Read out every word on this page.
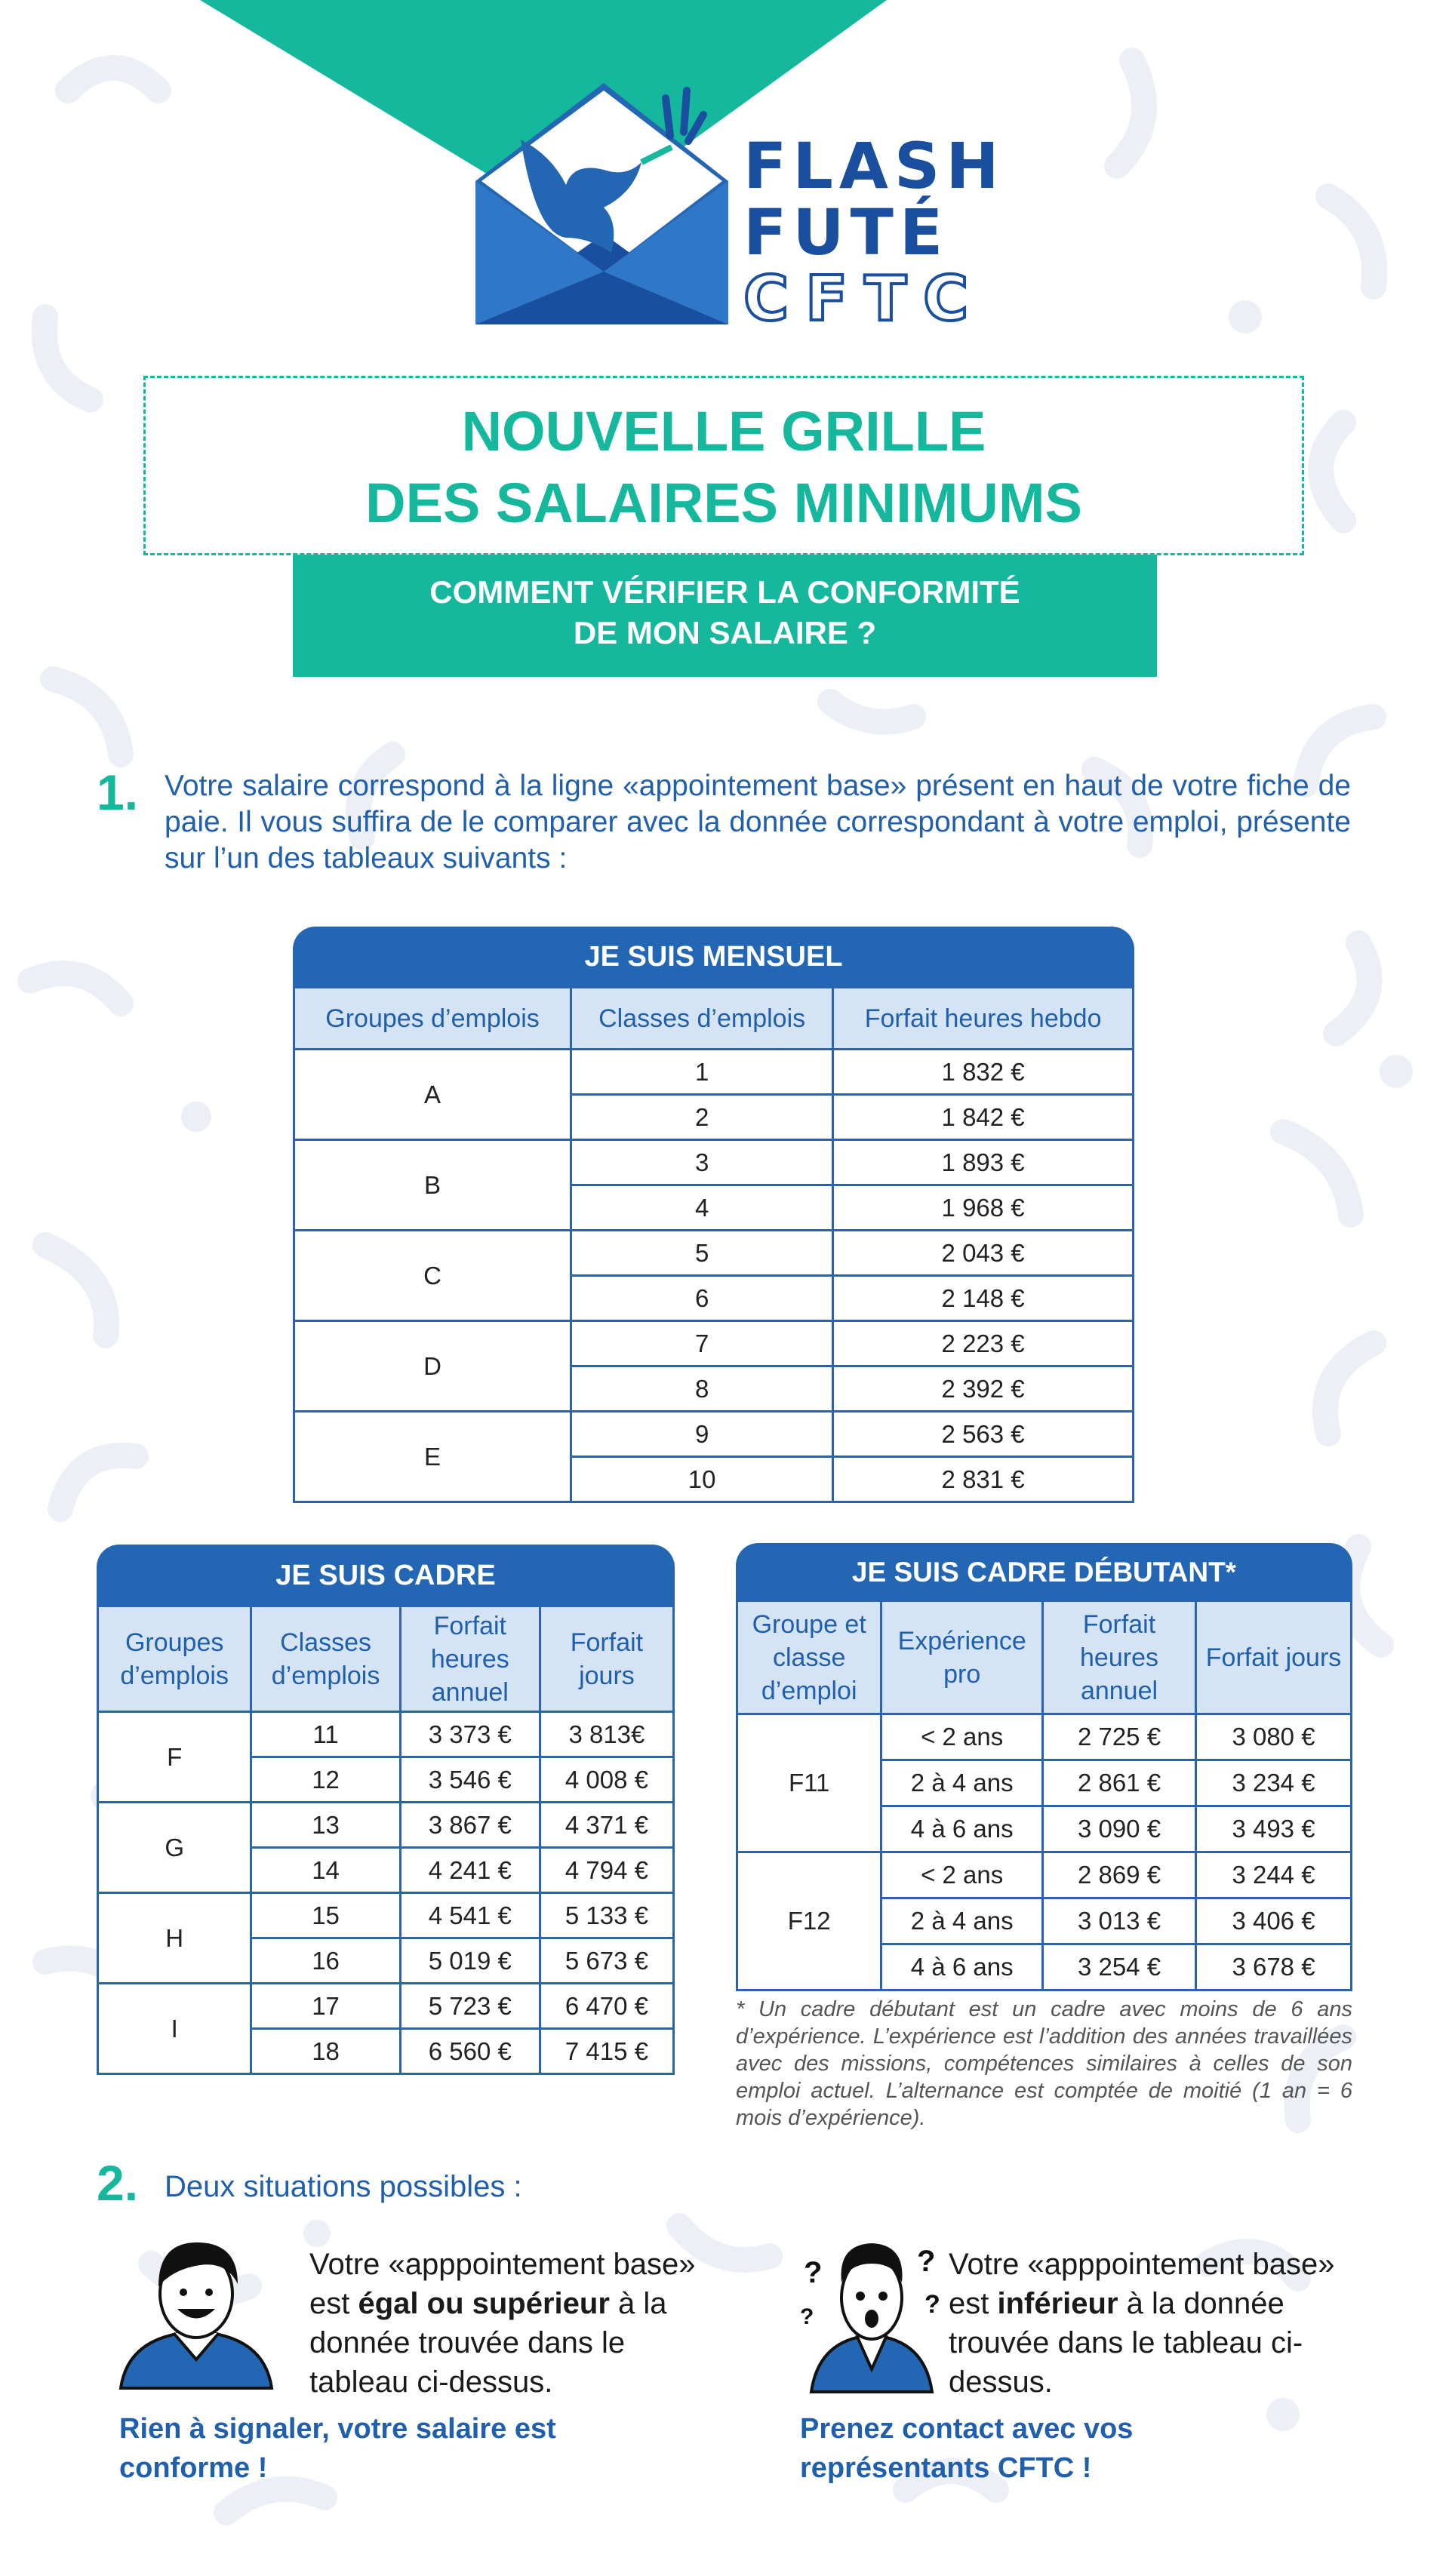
FLASH
FUTÉ
CFTC
NOUVELLE GRILLE
DES SALAIRES MINIMUMS
COMMENT VÉRIFIER LA CONFORMITÉ
DE MON SALAIRE ?
1. Votre salaire correspond à la ligne «appointement base» présent en haut de votre fiche de paie. Il vous suffira de le comparer avec la donnée correspondant à votre emploi, présente sur l’un des tableaux suivants :
JE SUIS MENSUEL
Groupes d’emplois	Classes d’emplois	Forfait heures hebdo
A	1	1 832 €
	2	1 842 €
B	3	1 893 €
	4	1 968 €
C	5	2 043 €
	6	2 148 €
D	7	2 223 €
	8	2 392 €
E	9	2 563 €
	10	2 831 €
JE SUIS CADRE
Groupes d’emplois	Classes d’emplois	Forfait heures annuel	Forfait jours
F	11	3 373 €	3 813€
	12	3 546 €	4 008 €
G	13	3 867 €	4 371 €
	14	4 241 €	4 794 €
H	15	4 541 €	5 133 €
	16	5 019 €	5 673 €
I	17	5 723 €	6 470 €
	18	6 560 €	7 415 €
JE SUIS CADRE DÉBUTANT*
Groupe et classe d’emploi	Expérience pro	Forfait heures annuel	Forfait jours
F11	< 2 ans	2 725 €	3 080 €
	2 à 4 ans	2 861 €	3 234 €
	4 à 6 ans	3 090 €	3 493 €
F12	< 2 ans	2 869 €	3 244 €
	2 à 4 ans	3 013 €	3 406 €
	4 à 6 ans	3 254 €	3 678 €
* Un cadre débutant est un cadre avec moins de 6 ans d’expérience. L’expérience est l’addition des années travaillées avec des missions, compétences similaires à celles de son emploi actuel. L’alternance est comptée de moitié (1 an = 6 mois d’expérience).
2. Deux situations possibles :
Votre «apppointement base» est égal ou supérieur à la donnée trouvée dans le tableau ci-dessus.
Rien à signaler, votre salaire est conforme !
?	?
?
?
Votre «apppointement base» est inférieur à la donnée trouvée dans le tableau ci-dessus.
Prenez contact avec vos représentants CFTC !
